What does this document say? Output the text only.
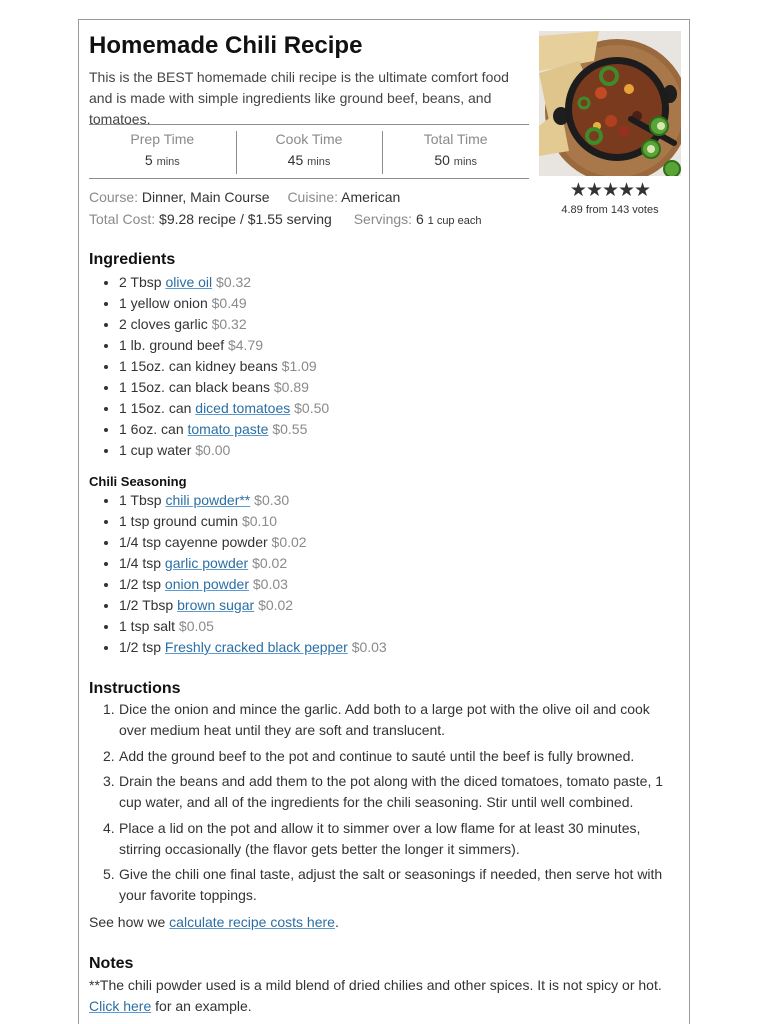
Homemade Chili Recipe

This is the BEST homemade chili recipe is the ultimate comfort food and is made with simple ingredients like ground beef, beans, and tomatoes.

Prep Time
5 mins
Cook Time
45 mins
Total Time
50 mins
Course: Dinner, Main Course Cuisine: American
Total Cost: $9.28 recipe / $1.55 serving Servings: 6 1 cup each
★★★★★
4.89 from 143 votes
Ingredients
2 Tbsp olive oil $0.32
1 yellow onion $0.49
2 cloves garlic $0.32
1 lb. ground beef $4.79
1 15oz. can kidney beans $1.09
1 15oz. can black beans $0.89
1 15oz. can diced tomatoes $0.50
1 6oz. can tomato paste $0.55
1 cup water $0.00
Chili Seasoning
1 Tbsp chili powder** $0.30
1 tsp ground cumin $0.10
1/4 tsp cayenne powder $0.02
1/4 tsp garlic powder $0.02
1/2 tsp onion powder $0.03
1/2 Tbsp brown sugar $0.02
1 tsp salt $0.05
1/2 tsp Freshly cracked black pepper $0.03
Instructions
1. Dice the onion and mince the garlic. Add both to a large pot with the olive oil and cook over medium heat until they are soft and translucent.
2. Add the ground beef to the pot and continue to sauté until the beef is fully browned.
3. Drain the beans and add them to the pot along with the diced tomatoes, tomato paste, 1 cup water, and all of the ingredients for the chili seasoning. Stir until well combined.
4. Place a lid on the pot and allow it to simmer over a low flame for at least 30 minutes, stirring occasionally (the flavor gets better the longer it simmers).
5. Give the chili one final taste, adjust the salt or seasonings if needed, then serve hot with your favorite toppings.

See how we calculate recipe costs here.

Notes

**The chili powder used is a mild blend of dried chilies and other spices. It is not spicy or hot. Click here for an example.
